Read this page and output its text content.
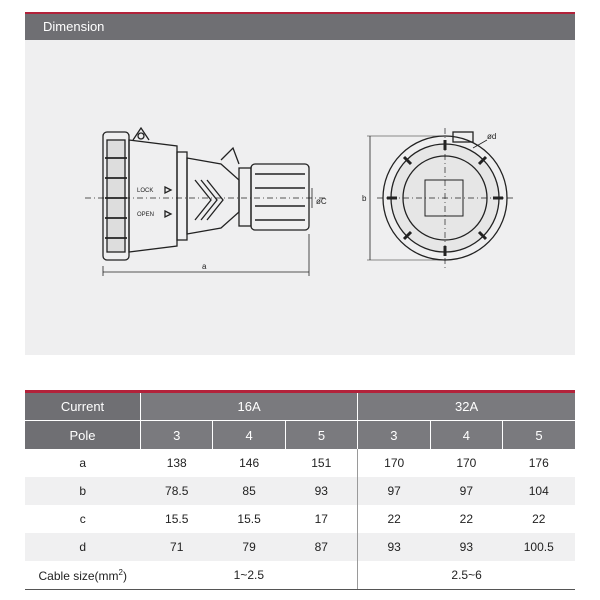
Dimension
LOCK
OPEN
a
øC	b
ød
Current	16A			32A		
Pole	3	4	5	3	4	5
a	138	146	151	170	170	176
b	78.5	85	93	97	97	104
c	15.5	15.5	17	22	22	22
d	71	79	87	93	93	100.5
Cable $size(mm^2)$	1~2.5			2.5~6		
